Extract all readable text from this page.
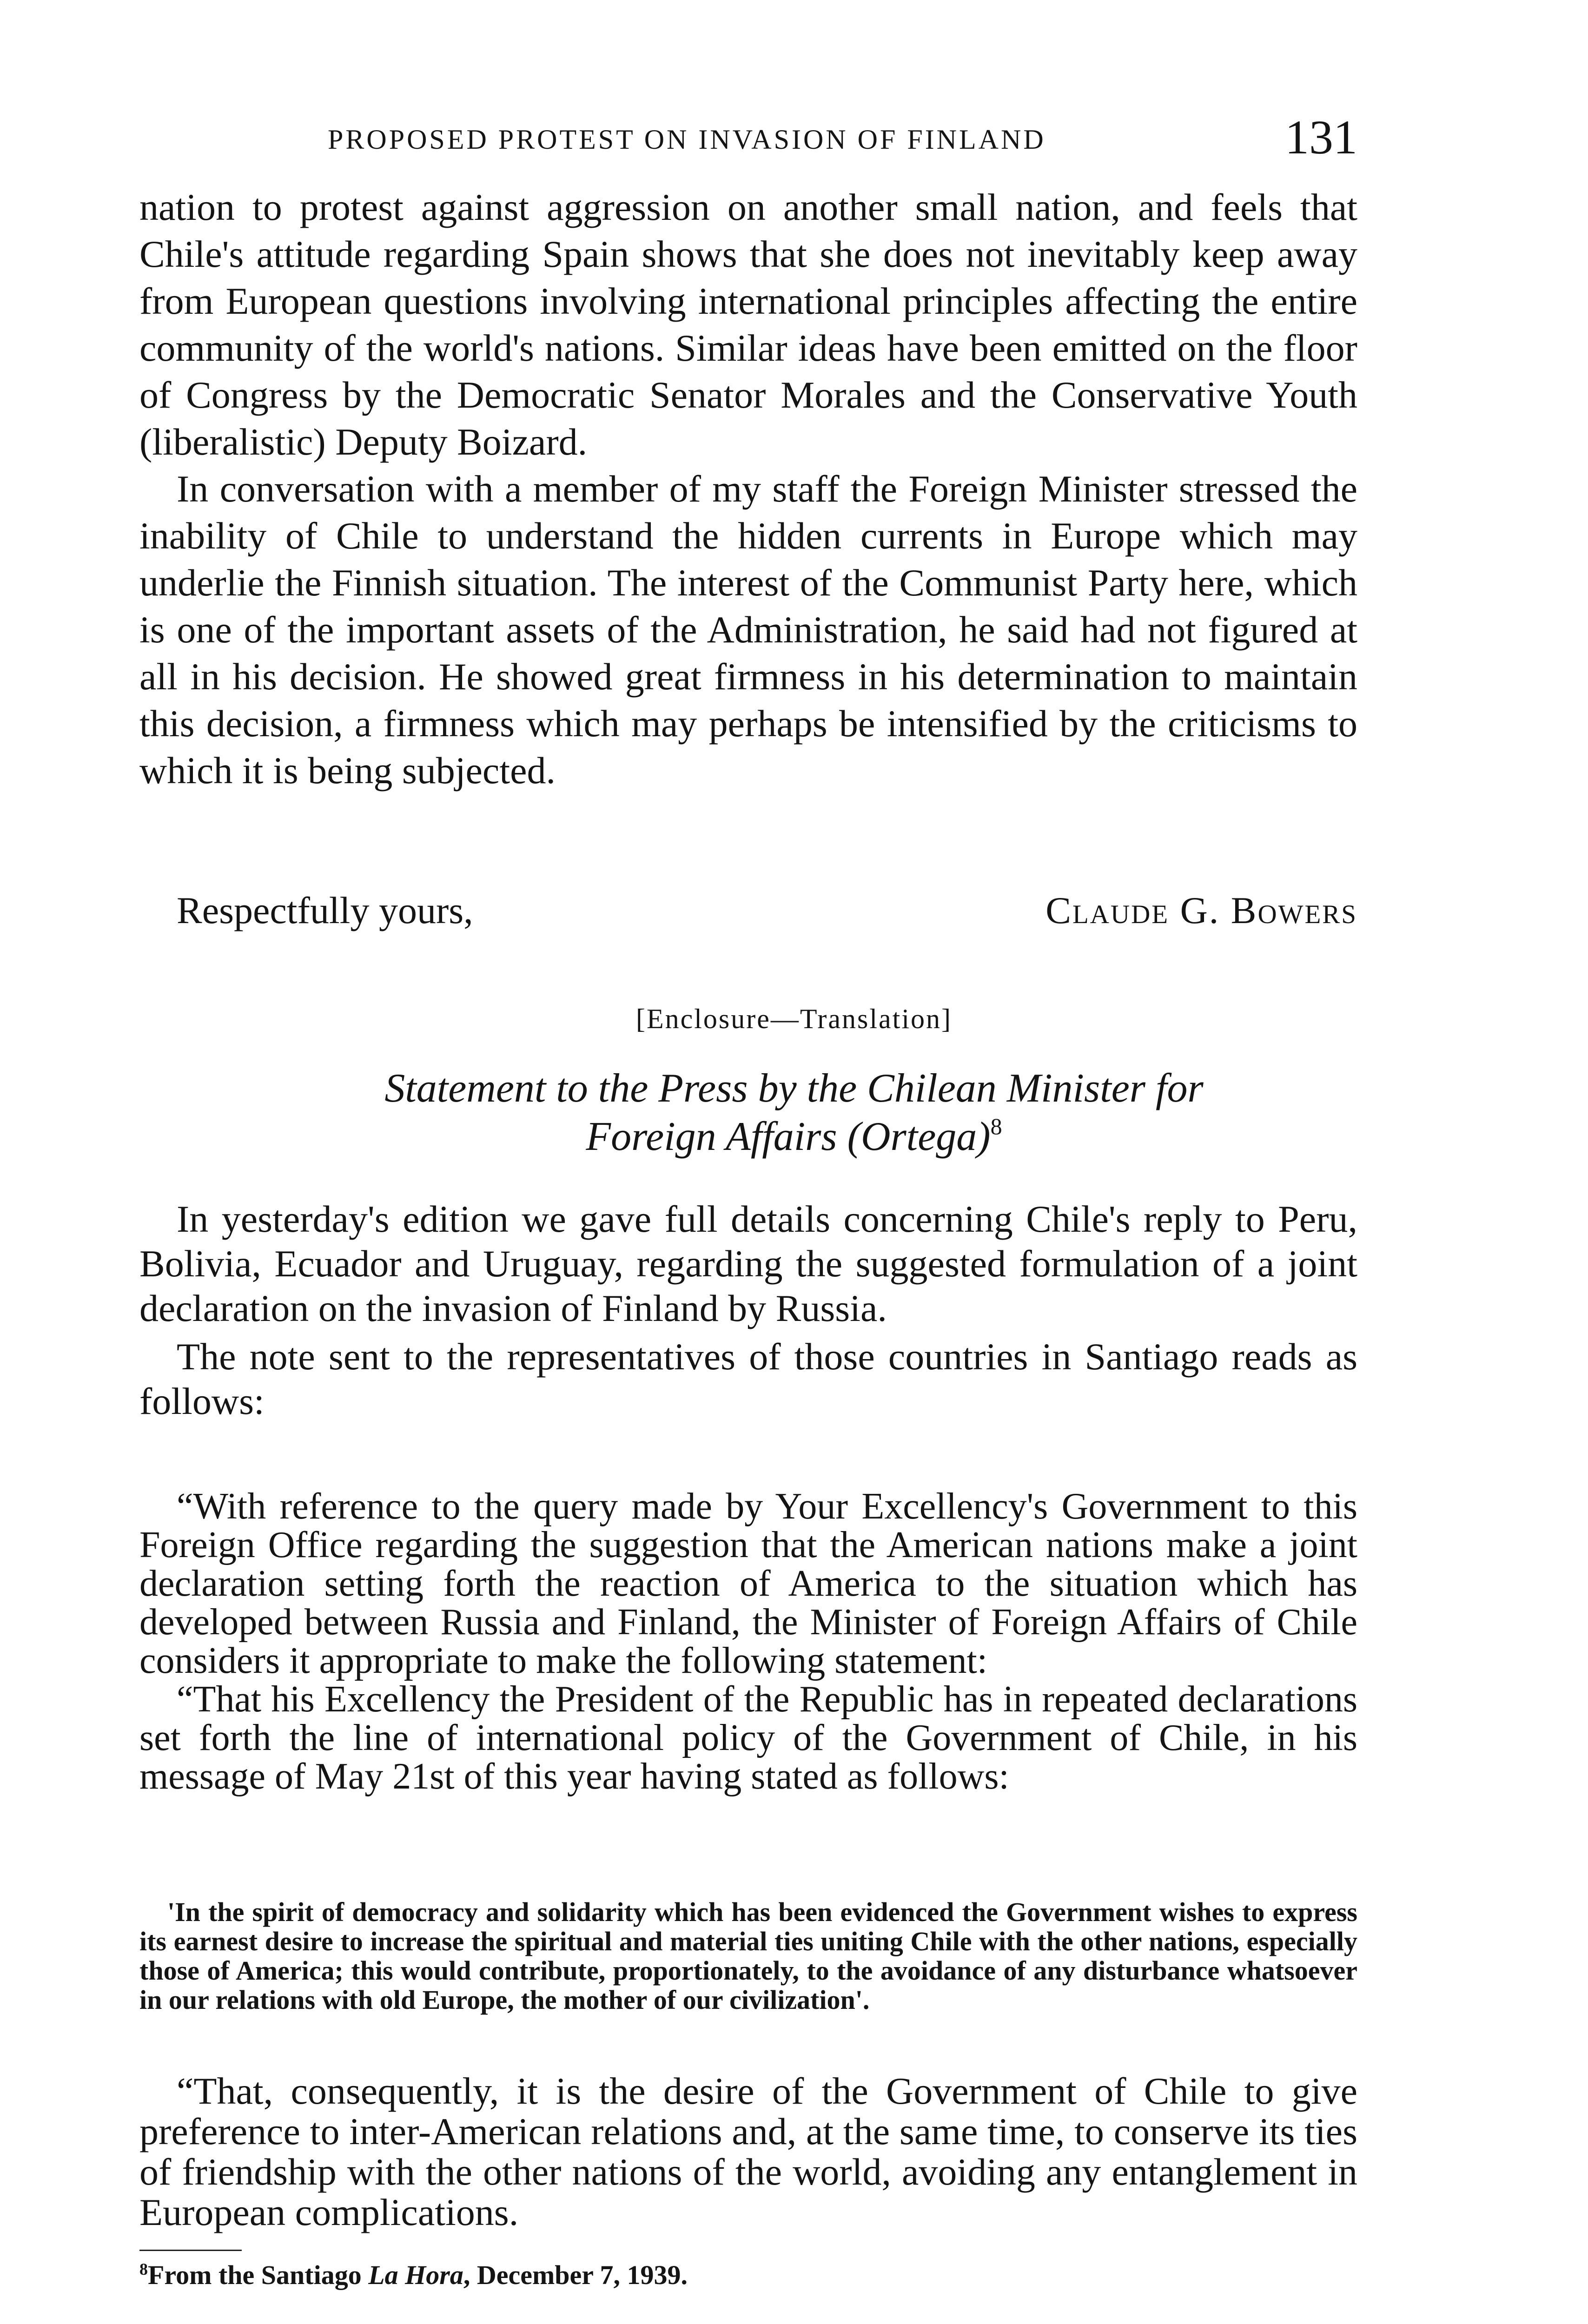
PROPOSED PROTEST ON INVASION OF FINLAND	131

nation to protest against aggression on another small nation, and feels that Chile's attitude regarding Spain shows that she does not inevitably keep away from European questions involving international principles affecting the entire community of the world's nations. Similar ideas have been emitted on the floor of Congress by the Democratic Senator Morales and the Conservative Youth (liberalistic) Deputy Boizard.

In conversation with a member of my staff the Foreign Minister stressed the inability of Chile to understand the hidden currents in Europe which may underlie the Finnish situation. The interest of the Communist Party here, which is one of the important assets of the Administration, he said had not figured at all in his decision. He showed great firmness in his determination to maintain this decision, a firmness which may perhaps be intensified by the criticisms to which it is being subjected.

Respectfully yours,	Claude G. Bowers
[Enclosure—Translation]
Statement to the Press by the Chilean Minister for
Foreign Affairs (Ortega)$^8$

In yesterday's edition we gave full details concerning Chile's reply to Peru, Bolivia, Ecuador and Uruguay, regarding the suggested formulation of a joint declaration on the invasion of Finland by Russia.

The note sent to the representatives of those countries in Santiago reads as follows:

“With reference to the query made by Your Excellency's Government to this Foreign Office regarding the suggestion that the American nations make a joint declaration setting forth the reaction of America to the situation which has developed between Russia and Finland, the Minister of Foreign Affairs of Chile considers it appropriate to make the following statement:

“That his Excellency the President of the Republic has in repeated declarations set forth the line of international policy of the Government of Chile, in his message of May 21st of this year having stated as follows:

'In the spirit of democracy and solidarity which has been evidenced the Government wishes to express its earnest desire to increase the spiritual and material ties uniting Chile with the other nations, especially those of America; this would contribute, proportionately, to the avoidance of any disturbance whatsoever in our relations with old Europe, the mother of our civilization'.

“That, consequently, it is the desire of the Government of Chile to give preference to inter-American relations and, at the same time, to conserve its ties of friendship with the other nations of the world, avoiding any entanglement in European complications.

$^8$From the Santiago La Hora, December 7, 1939.
